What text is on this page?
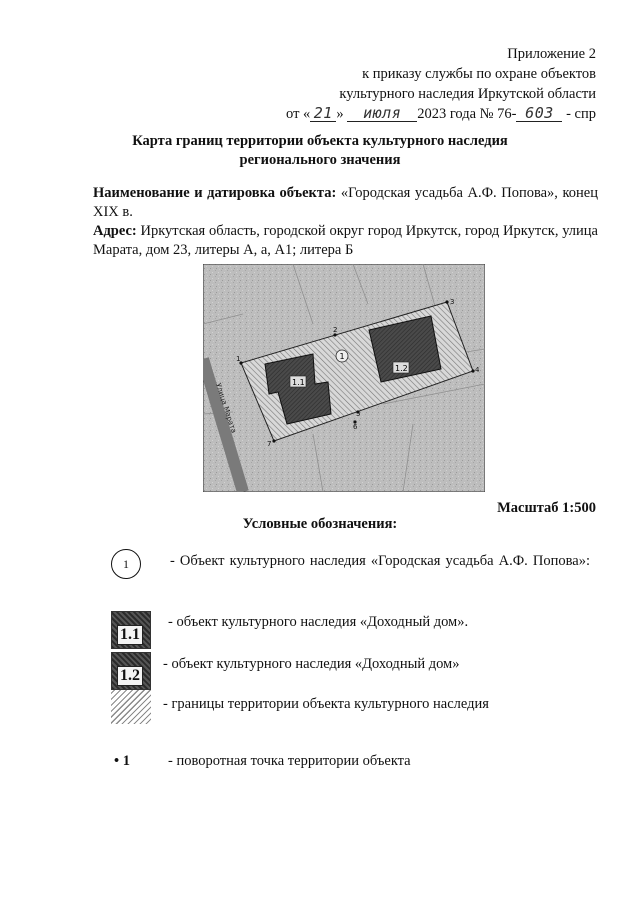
Приложение 2
к приказу службы по охране объектов
культурного наследия Иркутской области
от « 21 » июля 2023 года № 76- 603 - спр
Карта границ территории объекта культурного наследия
регионального значения
Наименование и датировка объекта: «Городская усадьба А.Ф. Попова», конец XIX в.
Адрес: Иркутская область, городской округ город Иркутск, город Иркутск, улица Марата, дом 23, литеры А, а, А1; литера Б
Улица Марата
1
1.1
1.2
1
2
3
4
5
6
7
Масштаб 1:500
Условные обозначения:
1	- Объект культурного наследия «Городская усадьба А.Ф. Попова»:
1.1
- объект культурного наследия «Доходный дом».
1.2
- объект культурного наследия «Доходный дом»
- границы территории объекта культурного наследия
• 1	- поворотная точка территории объекта
